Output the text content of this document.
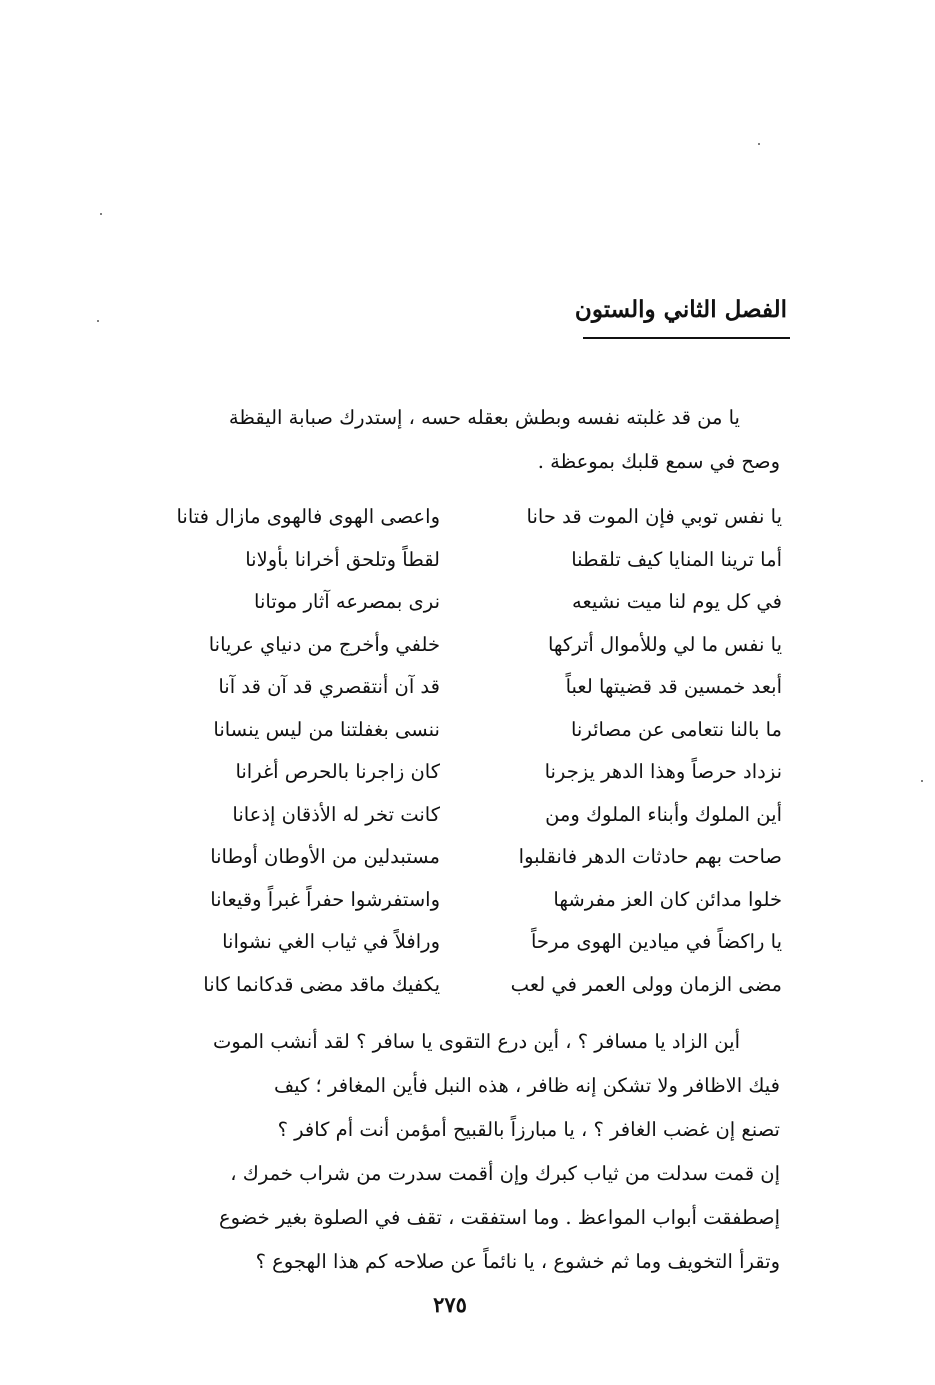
الفصل الثاني والستون
يا من قد غلبته نفسه وبطش بعقله حسه ، إستدرك صبابة اليقظة
وصح في سمع قلبك بموعظة .
يا نفس توبي فإن الموت قد حانا
واعصى الهوى فالهوى مازال فتانا
أما ترينا المنايا كيف تلقطنا
لقطاً وتلحق أخرانا بأولانا
في كل يوم لنا ميت نشيعه
نرى بمصرعه آثار موتانا
يا نفس ما لي وللأموال أتركها
خلفي وأخرج من دنياي عريانا
أبعد خمسين قد قضيتها لعباً
قد آن أنتقصري قد آن قد آنا
ما بالنا نتعامى عن مصائرنا
ننسى بغفلتنا من ليس ينسانا
نزداد حرصاً وهذا الدهر يزجرنا
كان زاجرنا بالحرص أغرانا
أين الملوك وأبناء الملوك ومن
كانت تخر له الأذقان إذعانا
صاحت بهم حادثات الدهر فانقلبوا
مستبدلين من الأوطان أوطانا
خلوا مدائن كان العز مفرشها
واستفرشوا حفراً غبراً وقيعانا
يا راكضاً في ميادين الهوى مرحاً
ورافلاً في ثياب الغي نشوانا
مضى الزمان وولى العمر في لعب
يكفيك ماقد مضى قدكانما كانا
أين الزاد يا مسافر ؟ ، أين درع التقوى يا سافر ؟ لقد أنشب الموت
فيك الاظافر ولا تشكن إنه ظافر ، هذه النبل فأين المغافر ؛ كيف
تصنع إن غضب الغافر ؟ ، يا مبارزاً بالقبيح أمؤمن أنت أم كافر ؟
إن قمت سدلت من ثياب كبرك وإن أقمت سدرت من شراب خمرك ،
إصطفقت أبواب المواعظ . وما استفقت ، تقف في الصلوة بغير خضوع
وتقرأ التخويف وما ثم خشوع ، يا نائماً عن صلاحه كم هذا الهجوع ؟
٢٧٥
